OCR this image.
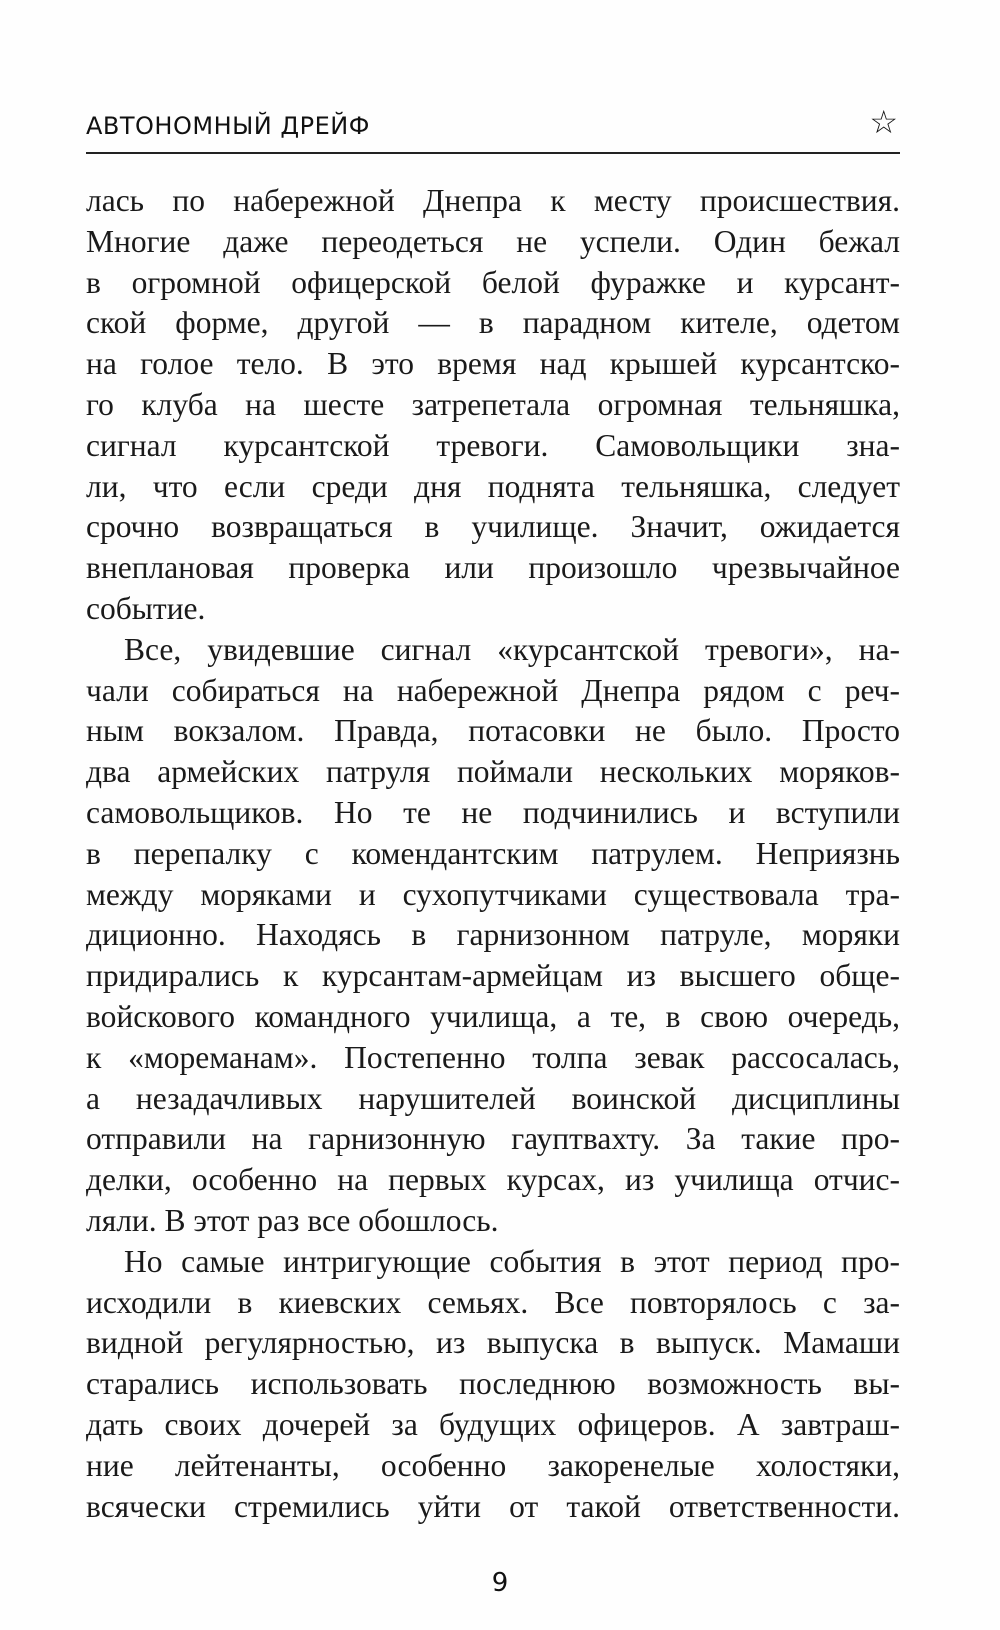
АВТОНОМНЫЙ ДРЕЙФ	☆
лась по набережной Днепра к месту происшествия.
Многие даже переодеться не успели. Один бежал
в огромной офицерской белой фуражке и курсант-
ской форме, другой — в парадном кителе, одетом
на голое тело. В это время над крышей курсантско-
го клуба на шесте затрепетала огромная тельняшка,
сигнал курсантской тревоги. Самовольщики зна-
ли, что если среди дня поднята тельняшка, следует
срочно возвращаться в училище. Значит, ожидается
внеплановая проверка или произошло чрезвычайное
событие.
Все, увидевшие сигнал «курсантской тревоги», на-
чали собираться на набережной Днепра рядом с реч-
ным вокзалом. Правда, потасовки не было. Просто
два армейских патруля поймали нескольких моряков-
самовольщиков. Но те не подчинились и вступили
в перепалку с комендантским патрулем. Неприязнь
между моряками и сухопутчиками существовала тра-
диционно. Находясь в гарнизонном патруле, моряки
придирались к курсантам-армейцам из высшего обще-
войскового командного училища, а те, в свою очередь,
к «мореманам». Постепенно толпа зевак рассосалась,
а незадачливых нарушителей воинской дисциплины
отправили на гарнизонную гауптвахту. За такие про-
делки, особенно на первых курсах, из училища отчис-
ляли. В этот раз все обошлось.
Но самые интригующие события в этот период про-
исходили в киевских семьях. Все повторялось с за-
видной регулярностью, из выпуска в выпуск. Мамаши
старались использовать последнюю возможность вы-
дать своих дочерей за будущих офицеров. А завтраш-
ние лейтенанты, особенно закоренелые холостяки,
всячески стремились уйти от такой ответственности.
9
